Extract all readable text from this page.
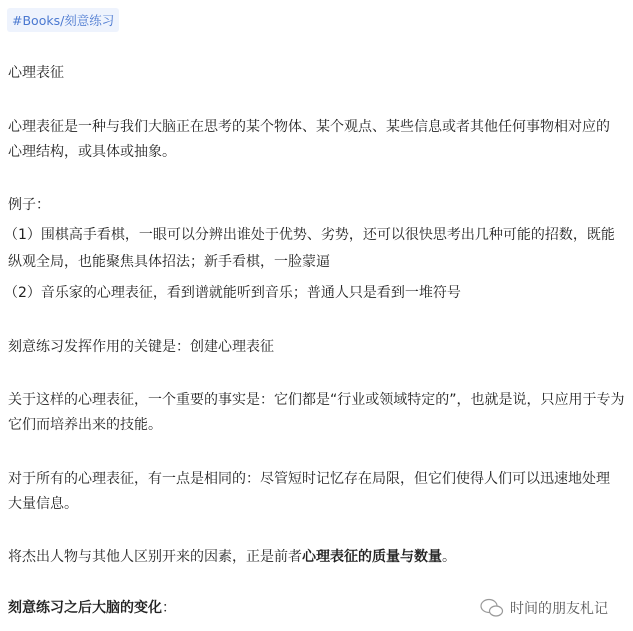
#Books/刻意练习
心理表征
心理表征是一种与我们大脑正在思考的某个物体、某个观点、某些信息或者其他任何事物相对应的
心理结构，或具体或抽象。
例子：
（1）围棋高手看棋，一眼可以分辨出谁处于优势、劣势，还可以很快思考出几种可能的招数，既能
纵观全局，也能聚焦具体招法；新手看棋，一脸蒙逼
（2）音乐家的心理表征，看到谱就能听到音乐；普通人只是看到一堆符号
刻意练习发挥作用的关键是：创建心理表征
关于这样的心理表征，一个重要的事实是：它们都是“行业或领域特定的”，也就是说，只应用于专为
它们而培养出来的技能。
对于所有的心理表征，有一点是相同的：尽管短时记忆存在局限，但它们使得人们可以迅速地处理
大量信息。
将杰出人物与其他人区别开来的因素，正是前者心理表征的质量与数量。
刻意练习之后大脑的变化：	时间的朋友札记
